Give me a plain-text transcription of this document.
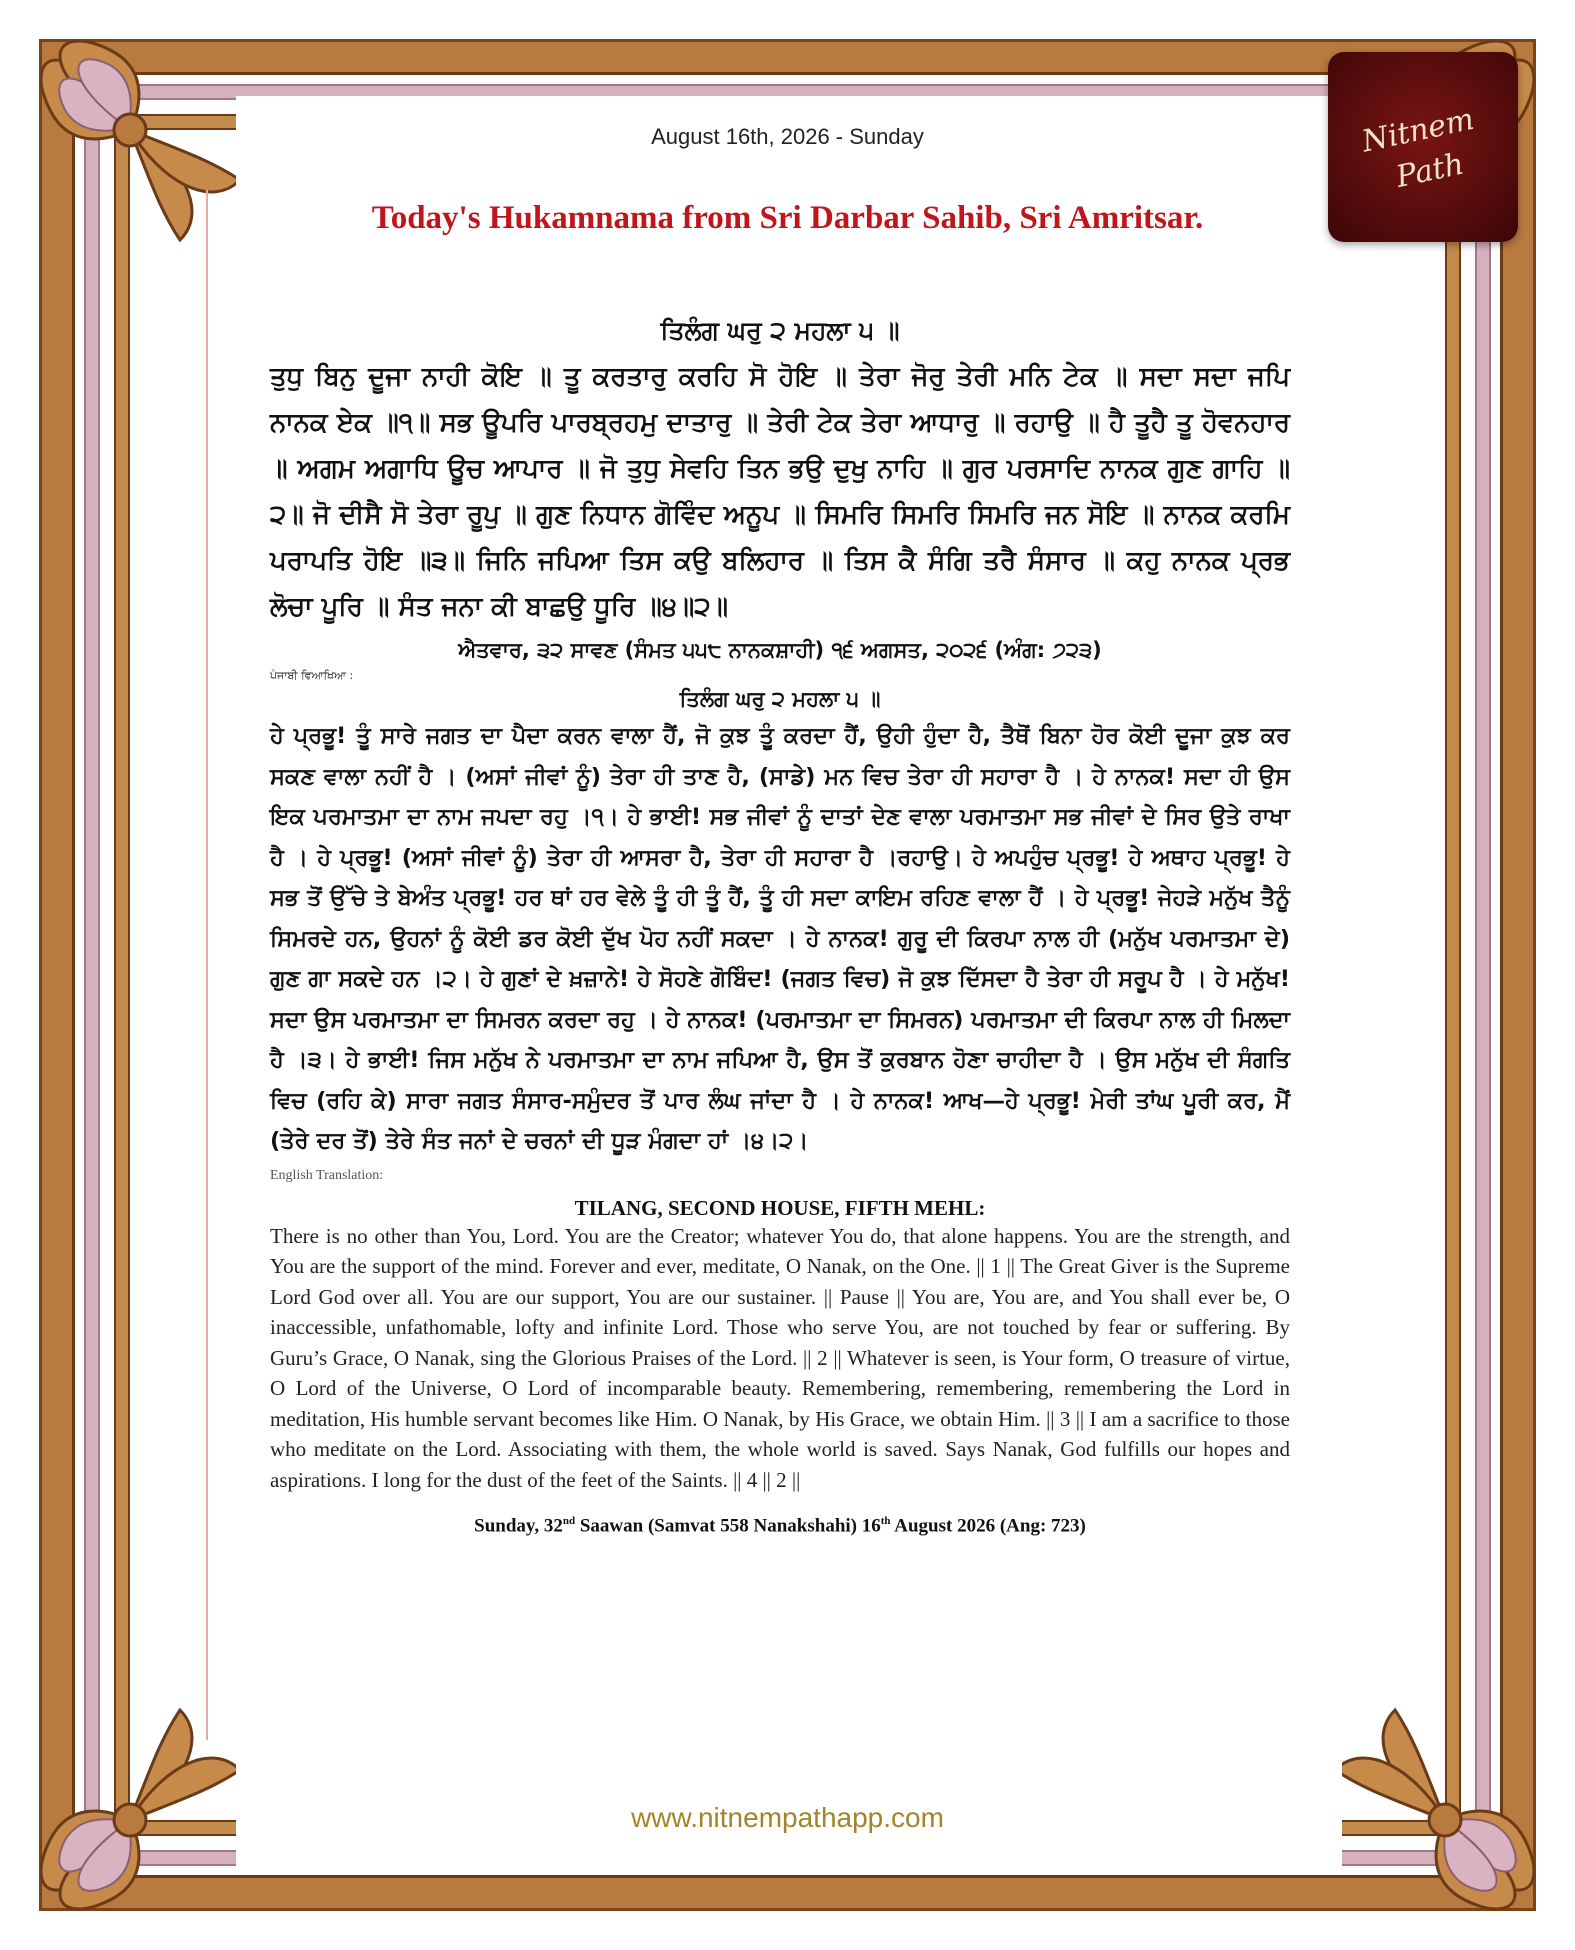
Nitnem
Path
August 16th, 2026 - Sunday
Today's Hukamnama from Sri Darbar Sahib, Sri Amritsar.

ਤਿਲੰਗ ਘਰੁ ੨ ਮਹਲਾ ੫ ॥

ਤੁਧੁ ਬਿਨੁ ਦੂਜਾ ਨਾਹੀ ਕੋਇ ॥ ਤੂ ਕਰਤਾਰੁ ਕਰਹਿ ਸੋ ਹੋਇ ॥ ਤੇਰਾ ਜੋਰੁ ਤੇਰੀ ਮਨਿ ਟੇਕ ॥ ਸਦਾ ਸਦਾ ਜਪਿ ਨਾਨਕ ਏਕ ॥੧॥ ਸਭ ਊਪਰਿ ਪਾਰਬ੍ਰਹਮੁ ਦਾਤਾਰੁ ॥ ਤੇਰੀ ਟੇਕ ਤੇਰਾ ਆਧਾਰੁ ॥ ਰਹਾਉ ॥ ਹੈ ਤੂਹੈ ਤੂ ਹੋਵਨਹਾਰ ॥ ਅਗਮ ਅਗਾਧਿ ਊਚ ਆਪਾਰ ॥ ਜੋ ਤੁਧੁ ਸੇਵਹਿ ਤਿਨ ਭਉ ਦੁਖੁ ਨਾਹਿ ॥ ਗੁਰ ਪਰਸਾਦਿ ਨਾਨਕ ਗੁਣ ਗਾਹਿ ॥੨॥ ਜੋ ਦੀਸੈ ਸੋ ਤੇਰਾ ਰੂਪੁ ॥ ਗੁਣ ਨਿਧਾਨ ਗੋਵਿੰਦ ਅਨੂਪ ॥ ਸਿਮਰਿ ਸਿਮਰਿ ਸਿਮਰਿ ਜਨ ਸੋਇ ॥ ਨਾਨਕ ਕਰਮਿ ਪਰਾਪਤਿ ਹੋਇ ॥੩॥ ਜਿਨਿ ਜਪਿਆ ਤਿਸ ਕਉ ਬਲਿਹਾਰ ॥ ਤਿਸ ਕੈ ਸੰਗਿ ਤਰੈ ਸੰਸਾਰ ॥ ਕਹੁ ਨਾਨਕ ਪ੍ਰਭ ਲੋਚਾ ਪੂਰਿ ॥ ਸੰਤ ਜਨਾ ਕੀ ਬਾਛਉ ਧੂਰਿ ॥੪॥੨॥

ਐਤਵਾਰ, ੩੨ ਸਾਵਣ (ਸੰਮਤ ੫੫੮ ਨਾਨਕਸ਼ਾਹੀ) ੧੬ ਅਗਸਤ, ੨੦੨੬ (ਅੰਗ: ੭੨੩)

ਪੰਜਾਬੀ ਵਿਆਖਿਆ :

ਤਿਲੰਗ ਘਰੁ ੨ ਮਹਲਾ ੫ ॥

ਹੇ ਪ੍ਰਭੂ! ਤੂੰ ਸਾਰੇ ਜਗਤ ਦਾ ਪੈਦਾ ਕਰਨ ਵਾਲਾ ਹੈਂ, ਜੋ ਕੁਝ ਤੂੰ ਕਰਦਾ ਹੈਂ, ਉਹੀ ਹੁੰਦਾ ਹੈ, ਤੈਥੋਂ ਬਿਨਾ ਹੋਰ ਕੋਈ ਦੂਜਾ ਕੁਝ ਕਰ ਸਕਣ ਵਾਲਾ ਨਹੀਂ ਹੈ । (ਅਸਾਂ ਜੀਵਾਂ ਨੂੰ) ਤੇਰਾ ਹੀ ਤਾਣ ਹੈ, (ਸਾਡੇ) ਮਨ ਵਿਚ ਤੇਰਾ ਹੀ ਸਹਾਰਾ ਹੈ । ਹੇ ਨਾਨਕ! ਸਦਾ ਹੀ ਉਸ ਇਕ ਪਰਮਾਤਮਾ ਦਾ ਨਾਮ ਜਪਦਾ ਰਹੁ ।੧। ਹੇ ਭਾਈ! ਸਭ ਜੀਵਾਂ ਨੂੰ ਦਾਤਾਂ ਦੇਣ ਵਾਲਾ ਪਰਮਾਤਮਾ ਸਭ ਜੀਵਾਂ ਦੇ ਸਿਰ ਉਤੇ ਰਾਖਾ ਹੈ । ਹੇ ਪ੍ਰਭੂ! (ਅਸਾਂ ਜੀਵਾਂ ਨੂੰ) ਤੇਰਾ ਹੀ ਆਸਰਾ ਹੈ, ਤੇਰਾ ਹੀ ਸਹਾਰਾ ਹੈ ।ਰਹਾਉ। ਹੇ ਅਪਹੁੰਚ ਪ੍ਰਭੂ! ਹੇ ਅਥਾਹ ਪ੍ਰਭੂ! ਹੇ ਸਭ ਤੋਂ ਉੱਚੇ ਤੇ ਬੇਅੰਤ ਪ੍ਰਭੂ! ਹਰ ਥਾਂ ਹਰ ਵੇਲੇ ਤੂੰ ਹੀ ਤੂੰ ਹੈਂ, ਤੂੰ ਹੀ ਸਦਾ ਕਾਇਮ ਰਹਿਣ ਵਾਲਾ ਹੈਂ । ਹੇ ਪ੍ਰਭੂ! ਜੇਹੜੇ ਮਨੁੱਖ ਤੈਨੂੰ ਸਿਮਰਦੇ ਹਨ, ਉਹਨਾਂ ਨੂੰ ਕੋਈ ਡਰ ਕੋਈ ਦੁੱਖ ਪੋਹ ਨਹੀਂ ਸਕਦਾ । ਹੇ ਨਾਨਕ! ਗੁਰੂ ਦੀ ਕਿਰਪਾ ਨਾਲ ਹੀ (ਮਨੁੱਖ ਪਰਮਾਤਮਾ ਦੇ) ਗੁਣ ਗਾ ਸਕਦੇ ਹਨ ।੨। ਹੇ ਗੁਣਾਂ ਦੇ ਖ਼ਜ਼ਾਨੇ! ਹੇ ਸੋਹਣੇ ਗੋਬਿੰਦ! (ਜਗਤ ਵਿਚ) ਜੋ ਕੁਝ ਦਿੱਸਦਾ ਹੈ ਤੇਰਾ ਹੀ ਸਰੂਪ ਹੈ । ਹੇ ਮਨੁੱਖ! ਸਦਾ ਉਸ ਪਰਮਾਤਮਾ ਦਾ ਸਿਮਰਨ ਕਰਦਾ ਰਹੁ । ਹੇ ਨਾਨਕ! (ਪਰਮਾਤਮਾ ਦਾ ਸਿਮਰਨ) ਪਰਮਾਤਮਾ ਦੀ ਕਿਰਪਾ ਨਾਲ ਹੀ ਮਿਲਦਾ ਹੈ ।੩। ਹੇ ਭਾਈ! ਜਿਸ ਮਨੁੱਖ ਨੇ ਪਰਮਾਤਮਾ ਦਾ ਨਾਮ ਜਪਿਆ ਹੈ, ਉਸ ਤੋਂ ਕੁਰਬਾਨ ਹੋਣਾ ਚਾਹੀਦਾ ਹੈ । ਉਸ ਮਨੁੱਖ ਦੀ ਸੰਗਤਿ ਵਿਚ (ਰਹਿ ਕੇ) ਸਾਰਾ ਜਗਤ ਸੰਸਾਰ-ਸਮੁੰਦਰ ਤੋਂ ਪਾਰ ਲੰਘ ਜਾਂਦਾ ਹੈ । ਹੇ ਨਾਨਕ! ਆਖ—ਹੇ ਪ੍ਰਭੂ! ਮੇਰੀ ਤਾਂਘ ਪੂਰੀ ਕਰ, ਮੈਂ (ਤੇਰੇ ਦਰ ਤੋਂ) ਤੇਰੇ ਸੰਤ ਜਨਾਂ ਦੇ ਚਰਨਾਂ ਦੀ ਧੂੜ ਮੰਗਦਾ ਹਾਂ ।੪।੨।

English Translation:

TILANG, SECOND HOUSE, FIFTH MEHL:

There is no other than You, Lord. You are the Creator; whatever You do, that alone happens. You are the strength, and You are the support of the mind. Forever and ever, meditate, O Nanak, on the One. || 1 || The Great Giver is the Supreme Lord God over all. You are our support, You are our sustainer. || Pause || You are, You are, and You shall ever be, O inaccessible, unfathomable, lofty and infinite Lord. Those who serve You, are not touched by fear or suffering. By Guru’s Grace, O Nanak, sing the Glorious Praises of the Lord. || 2 || Whatever is seen, is Your form, O treasure of virtue, O Lord of the Universe, O Lord of incomparable beauty. Remembering, remembering, remembering the Lord in meditation, His humble servant becomes like Him. O Nanak, by His Grace, we obtain Him. || 3 || I am a sacrifice to those who meditate on the Lord. Associating with them, the whole world is saved. Says Nanak, God fulfills our hopes and aspirations. I long for the dust of the feet of the Saints. || 4 || 2 ||

Sunday, 32nd Saawan (Samvat 558 Nanakshahi) 16th August 2026 (Ang: 723)

www.nitnempathapp.com
